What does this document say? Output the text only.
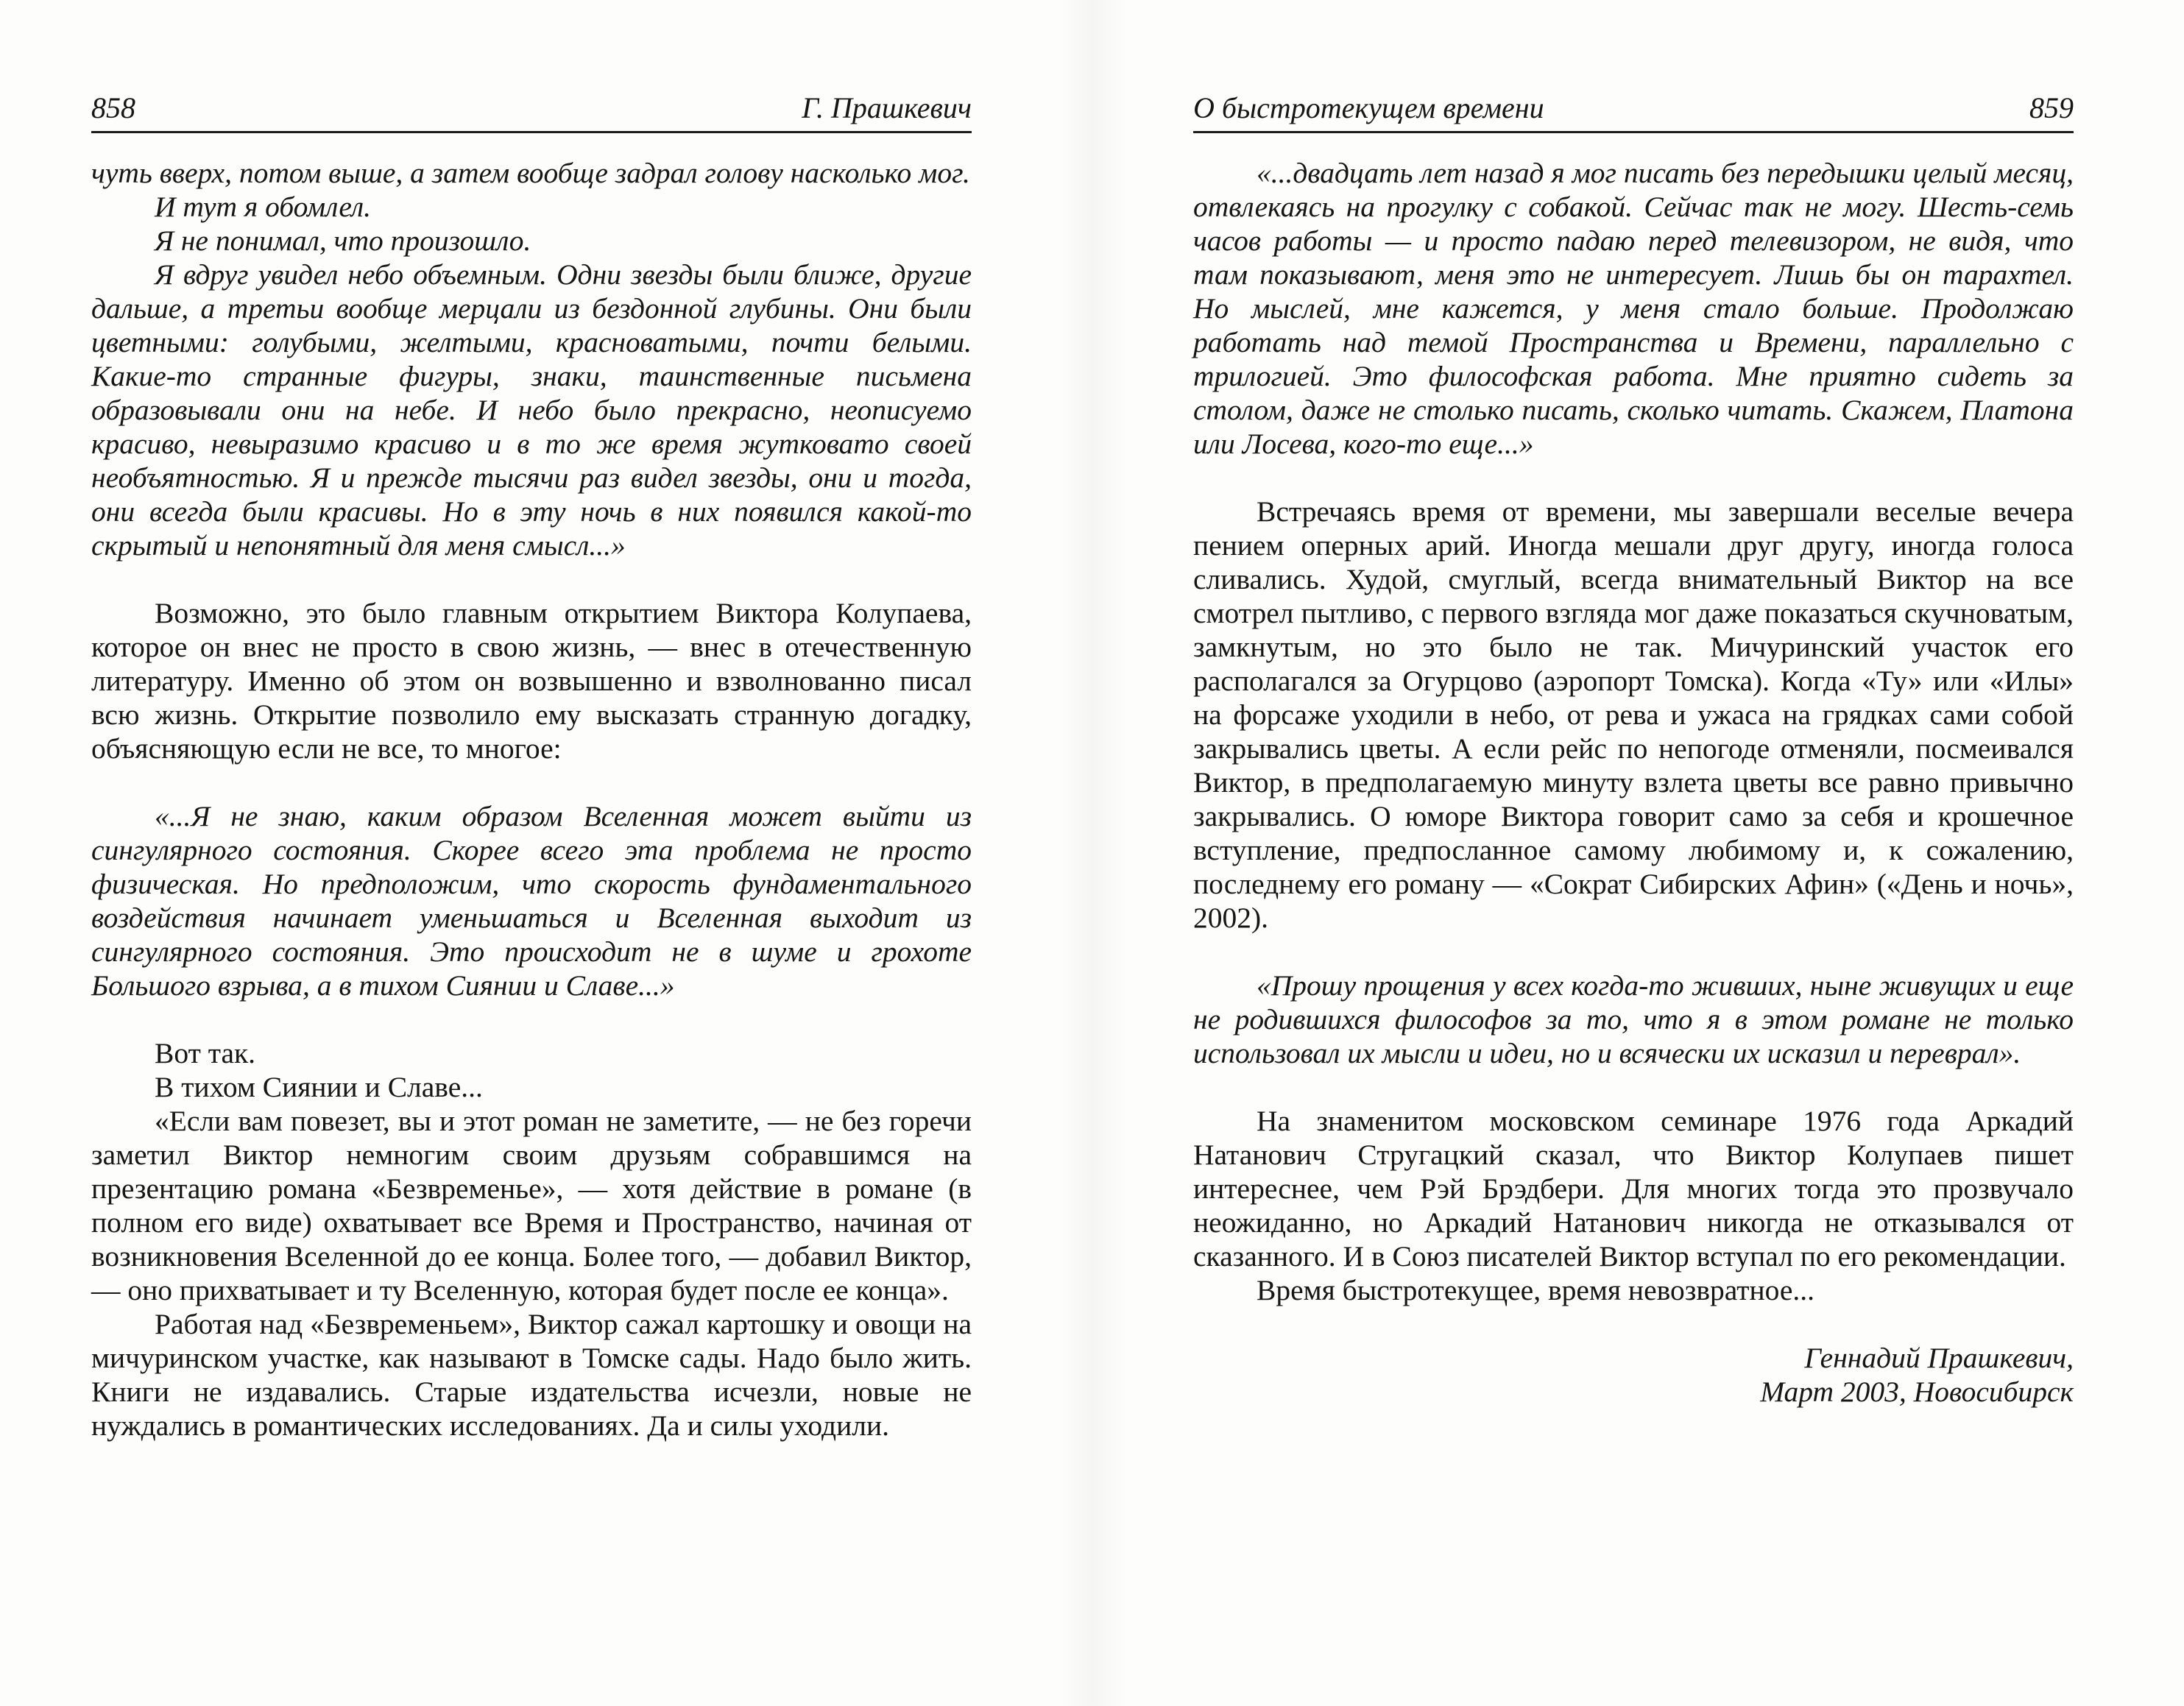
858	Г. Прашкевич

чуть вверх, потом выше, а затем вообще задрал голову насколько мог.

И тут я обомлел.

Я не понимал, что произошло.

Я вдруг увидел небо объемным. Одни звезды были ближе, другие дальше, а третьи вообще мерцали из бездонной глубины. Они были цветными: голубыми, желтыми, красноватыми, почти белыми. Какие-то странные фигуры, знаки, таинственные письмена образовывали они на небе. И небо было прекрасно, неописуемо красиво, невыразимо красиво и в то же время жутковато своей необъятностью. Я и прежде тысячи раз видел звезды, они и тогда, они всегда были красивы. Но в эту ночь в них появился какой-то скрытый и непонятный для меня смысл...»

Возможно, это было главным открытием Виктора Колупаева, которое он внес не просто в свою жизнь, — внес в отечественную литературу. Именно об этом он возвышенно и взволнованно писал всю жизнь. Открытие позволило ему высказать странную догадку, объясняющую если не все, то многое:

«...Я не знаю, каким образом Вселенная может выйти из сингулярного состояния. Скорее всего эта проблема не просто физическая. Но предположим, что скорость фундаментального воздействия начинает уменьшаться и Вселенная выходит из сингулярного состояния. Это происходит не в шуме и грохоте Большого взрыва, а в тихом Сиянии и Славе...»

Вот так.

В тихом Сиянии и Славе...

«Если вам повезет, вы и этот роман не заметите, — не без горечи заметил Виктор немногим своим друзьям собравшимся на презентацию романа «Безвременье», — хотя действие в романе (в полном его виде) охватывает все Время и Пространство, начиная от возникновения Вселенной до ее конца. Более того, — добавил Виктор, — оно прихватывает и ту Вселенную, которая будет после ее конца».

Работая над «Безвременьем», Виктор сажал картошку и овощи на мичуринском участке, как называют в Томске сады. Надо было жить. Книги не издавались. Старые издательства исчезли, новые не нуждались в романтических исследованиях. Да и силы уходили.

О быстротекущем времени	859

«...двадцать лет назад я мог писать без передышки целый месяц, отвлекаясь на прогулку с собакой. Сейчас так не могу. Шесть-семь часов работы — и просто падаю перед телевизором, не видя, что там показывают, меня это не интересует. Лишь бы он тарахтел. Но мыслей, мне кажется, у меня стало больше. Продолжаю работать над темой Пространства и Времени, параллельно с трилогией. Это философская работа. Мне приятно сидеть за столом, даже не столько писать, сколько читать. Скажем, Платона или Лосева, кого-то еще...»

Встречаясь время от времени, мы завершали веселые вечера пением оперных арий. Иногда мешали друг другу, иногда голоса сливались. Худой, смуглый, всегда внимательный Виктор на все смотрел пытливо, с первого взгляда мог даже показаться скучноватым, замкнутым, но это было не так. Мичуринский участок его располагался за Огурцово (аэропорт Томска). Когда «Ту» или «Илы» на форсаже уходили в небо, от рева и ужаса на грядках сами собой закрывались цветы. А если рейс по непогоде отменяли, посмеивался Виктор, в предполагаемую минуту взлета цветы все равно привычно закрывались. О юморе Виктора говорит само за себя и крошечное вступление, предпосланное самому любимому и, к сожалению, последнему его роману — «Сократ Сибирских Афин» («День и ночь», 2002).

«Прошу прощения у всех когда-то живших, ныне живущих и еще не родившихся философов за то, что я в этом романе не только использовал их мысли и идеи, но и всячески их исказил и переврал».

На знаменитом московском семинаре 1976 года Аркадий Натанович Стругацкий сказал, что Виктор Колупаев пишет интереснее, чем Рэй Брэдбери. Для многих тогда это прозвучало неожиданно, но Аркадий Натанович никогда не отказывался от сказанного. И в Союз писателей Виктор вступал по его рекомендации.

Время быстротекущее, время невозвратное...

Геннадий Прашкевич,
Март 2003, Новосибирск
